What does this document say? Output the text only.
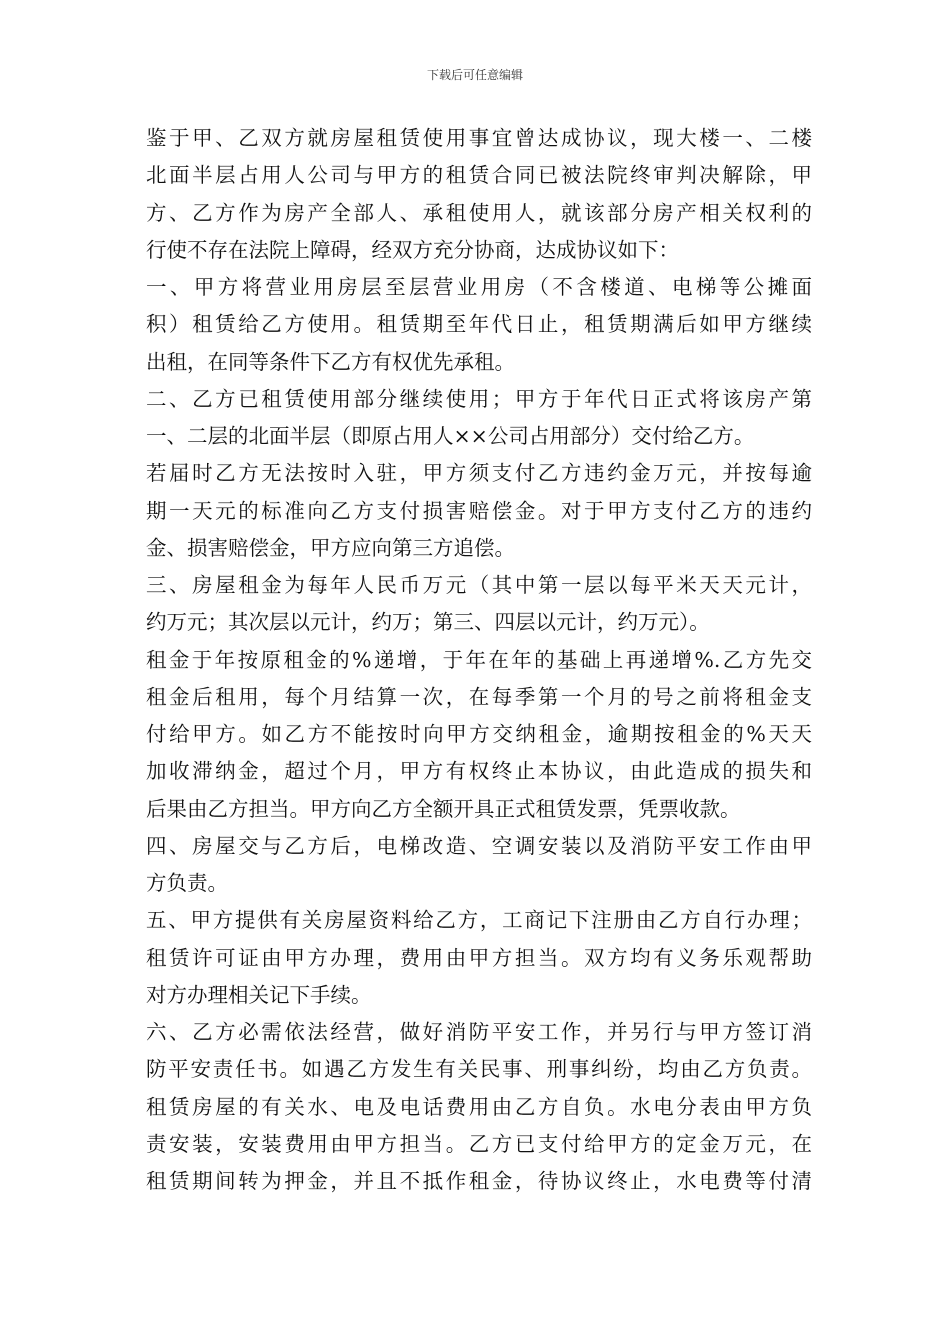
下载后可任意编辑
鉴于甲、乙双方就房屋租赁使用事宜曾达成协议，现大楼一、二楼
北面半层占用人公司与甲方的租赁合同已被法院终审判决解除，甲
方、乙方作为房产全部人、承租使用人，就该部分房产相关权利的
行使不存在法院上障碍，经双方充分协商，达成协议如下：
一、甲方将营业用房层至层营业用房（不含楼道、电梯等公摊面
积）租赁给乙方使用。租赁期至年代日止，租赁期满后如甲方继续
出租，在同等条件下乙方有权优先承租。
二、乙方已租赁使用部分继续使用；甲方于年代日正式将该房产第
一、二层的北面半层（即原占用人××公司占用部分）交付给乙方。
若届时乙方无法按时入驻，甲方须支付乙方违约金万元，并按每逾
期一天元的标准向乙方支付损害赔偿金。对于甲方支付乙方的违约
金、损害赔偿金，甲方应向第三方追偿。
三、房屋租金为每年人民币万元（其中第一层以每平米天天元计，
约万元；其次层以元计，约万；第三、四层以元计，约万元）。
租金于年按原租金的%递增，于年在年的基础上再递增%.乙方先交
租金后租用，每个月结算一次，在每季第一个月的号之前将租金支
付给甲方。如乙方不能按时向甲方交纳租金，逾期按租金的%天天
加收滞纳金，超过个月，甲方有权终止本协议，由此造成的损失和
后果由乙方担当。甲方向乙方全额开具正式租赁发票，凭票收款。
四、房屋交与乙方后，电梯改造、空调安装以及消防平安工作由甲
方负责。
五、甲方提供有关房屋资料给乙方，工商记下注册由乙方自行办理；
租赁许可证由甲方办理，费用由甲方担当。双方均有义务乐观帮助
对方办理相关记下手续。
六、乙方必需依法经营，做好消防平安工作，并另行与甲方签订消
防平安责任书。如遇乙方发生有关民事、刑事纠纷，均由乙方负责。
租赁房屋的有关水、电及电话费用由乙方自负。水电分表由甲方负
责安装，安装费用由甲方担当。乙方已支付给甲方的定金万元，在
租赁期间转为押金，并且不抵作租金，待协议终止，水电费等付清
